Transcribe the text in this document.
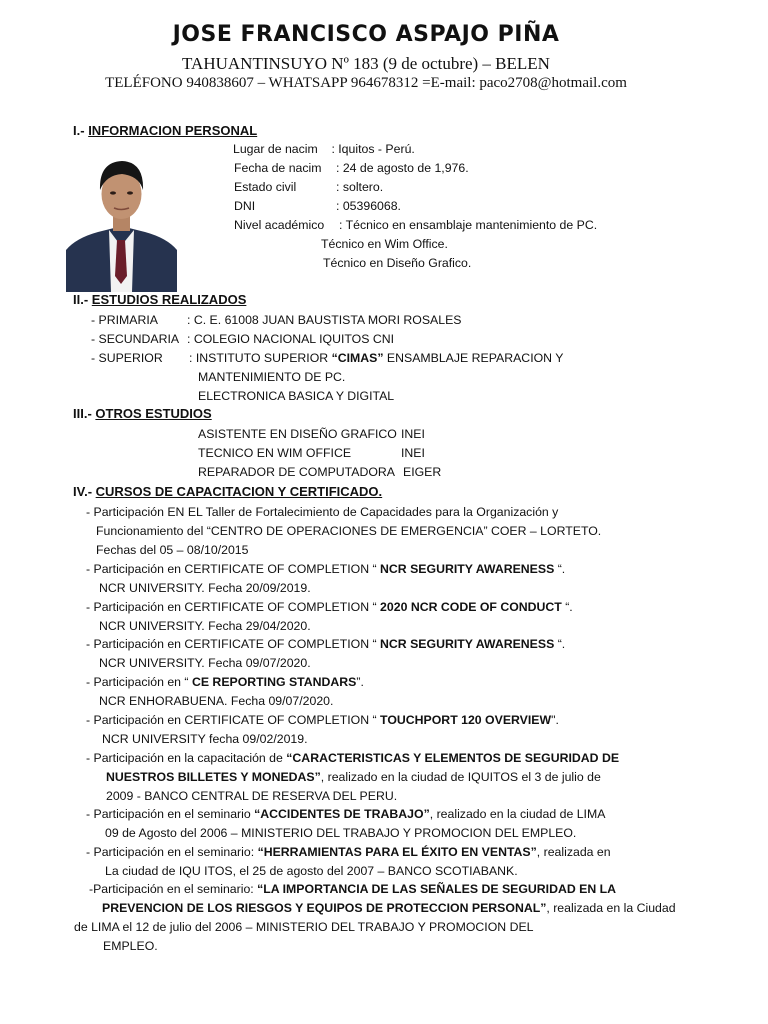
JOSE FRANCISCO ASPAJO PIÑA
TAHUANTINSUYO Nº 183 (9 de octubre) – BELEN
TELÉFONO 940838607 – WHATSAPP 964678312 =E-mail: paco2708@hotmail.com
I.- INFORMACION PERSONAL
Lugar de nacim : Iquitos - Perú.
Fecha de nacim : 24 de agosto de 1,976.
Estado civil	: soltero.
DNI	: 05396068.
Nivel académico : Técnico en ensamblaje mantenimiento de PC.
Técnico en Wim Office.
Técnico en Diseño Grafico.
II.- ESTUDIOS REALIZADOS
- PRIMARIA : C. E. 61008 JUAN BAUSTISTA MORI ROSALES
- SECUNDARIA : COLEGIO NACIONAL IQUITOS CNI
- SUPERIOR : INSTITUTO SUPERIOR “CIMAS” ENSAMBLAJE REPARACION Y
MANTENIMIENTO DE PC.
ELECTRONICA BASICA Y DIGITAL
III.- OTROS ESTUDIOS
ASISTENTE EN DISEÑO GRAFICO INEI
TECNICO EN WIM OFFICE	INEI
REPARADOR DE COMPUTADORA EIGER
IV.- CURSOS DE CAPACITACION Y CERTIFICADO.
- Participación EN EL Taller de Fortalecimiento de Capacidades para la Organización y
Funcionamiento del “CENTRO DE OPERACIONES DE EMERGENCIA” COER – LORTETO.
Fechas del 05 – 08/10/2015
- Participación en CERTIFICATE OF COMPLETION “ NCR SEGURITY AWARENESS “.
NCR UNIVERSITY. Fecha 20/09/2019.
- Participación en CERTIFICATE OF COMPLETION “ 2020 NCR CODE OF CONDUCT “.
NCR UNIVERSITY. Fecha 29/04/2020.
- Participación en CERTIFICATE OF COMPLETION “ NCR SEGURITY AWARENESS “.
NCR UNIVERSITY. Fecha 09/07/2020.
- Participación en “ CE REPORTING STANDARS”.
NCR ENHORABUENA. Fecha 09/07/2020.
- Participación en CERTIFICATE OF COMPLETION “ TOUCHPORT 120 OVERVIEW".
NCR UNIVERSITY fecha 09/02/2019.
- Participación en la capacitación de “CARACTERISTICAS Y ELEMENTOS DE SEGURIDAD DE
NUESTROS BILLETES Y MONEDAS”, realizado en la ciudad de IQUITOS el 3 de julio de
2009 - BANCO CENTRAL DE RESERVA DEL PERU.
- Participación en el seminario “ACCIDENTES DE TRABAJO”, realizado en la ciudad de LIMA
09 de Agosto del 2006 – MINISTERIO DEL TRABAJO Y PROMOCION DEL EMPLEO.
- Participación en el seminario: “HERRAMIENTAS PARA EL ÉXITO EN VENTAS”, realizada en
La ciudad de IQU ITOS, el 25 de agosto del 2007 – BANCO SCOTIABANK.
-Participación en el seminario: “LA IMPORTANCIA DE LAS SEÑALES DE SEGURIDAD EN LA
PREVENCION DE LOS RIESGOS Y EQUIPOS DE PROTECCION PERSONAL”, realizada en la Ciudad
de LIMA el 12 de julio del 2006 – MINISTERIO DEL TRABAJO Y PROMOCION DEL
EMPLEO.
